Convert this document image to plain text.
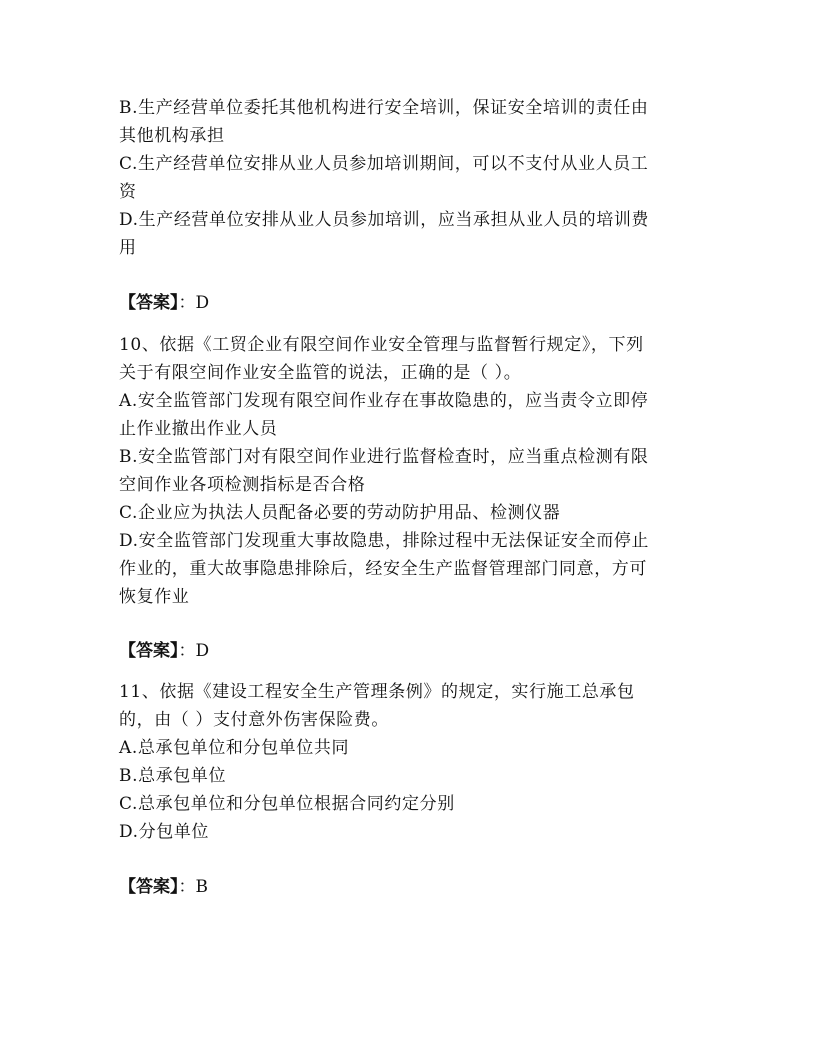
B.生产经营单位委托其他机构进行安全培训，保证安全培训的责任由
其他机构承担
C.生产经营单位安排从业人员参加培训期间，可以不支付从业人员工
资
D.生产经营单位安排从业人员参加培训，应当承担从业人员的培训费
用
【答案】：D
10、依据《工贸企业有限空间作业安全管理与监督暂行规定》，下列
关于有限空间作业安全监管的说法，正确的是（ ）。
A.安全监管部门发现有限空间作业存在事故隐患的，应当责令立即停
止作业撤出作业人员
B.安全监管部门对有限空间作业进行监督检查时，应当重点检测有限
空间作业各项检测指标是否合格
C.企业应为执法人员配备必要的劳动防护用品、检测仪器
D.安全监管部门发现重大事故隐患，排除过程中无法保证安全而停止
作业的，重大故事隐患排除后，经安全生产监督管理部门同意，方可
恢复作业
【答案】：D
11、依据《建设工程安全生产管理条例》的规定，实行施工总承包
的，由（ ）支付意外伤害保险费。
A.总承包单位和分包单位共同
B.总承包单位
C.总承包单位和分包单位根据合同约定分别
D.分包单位
【答案】：B
